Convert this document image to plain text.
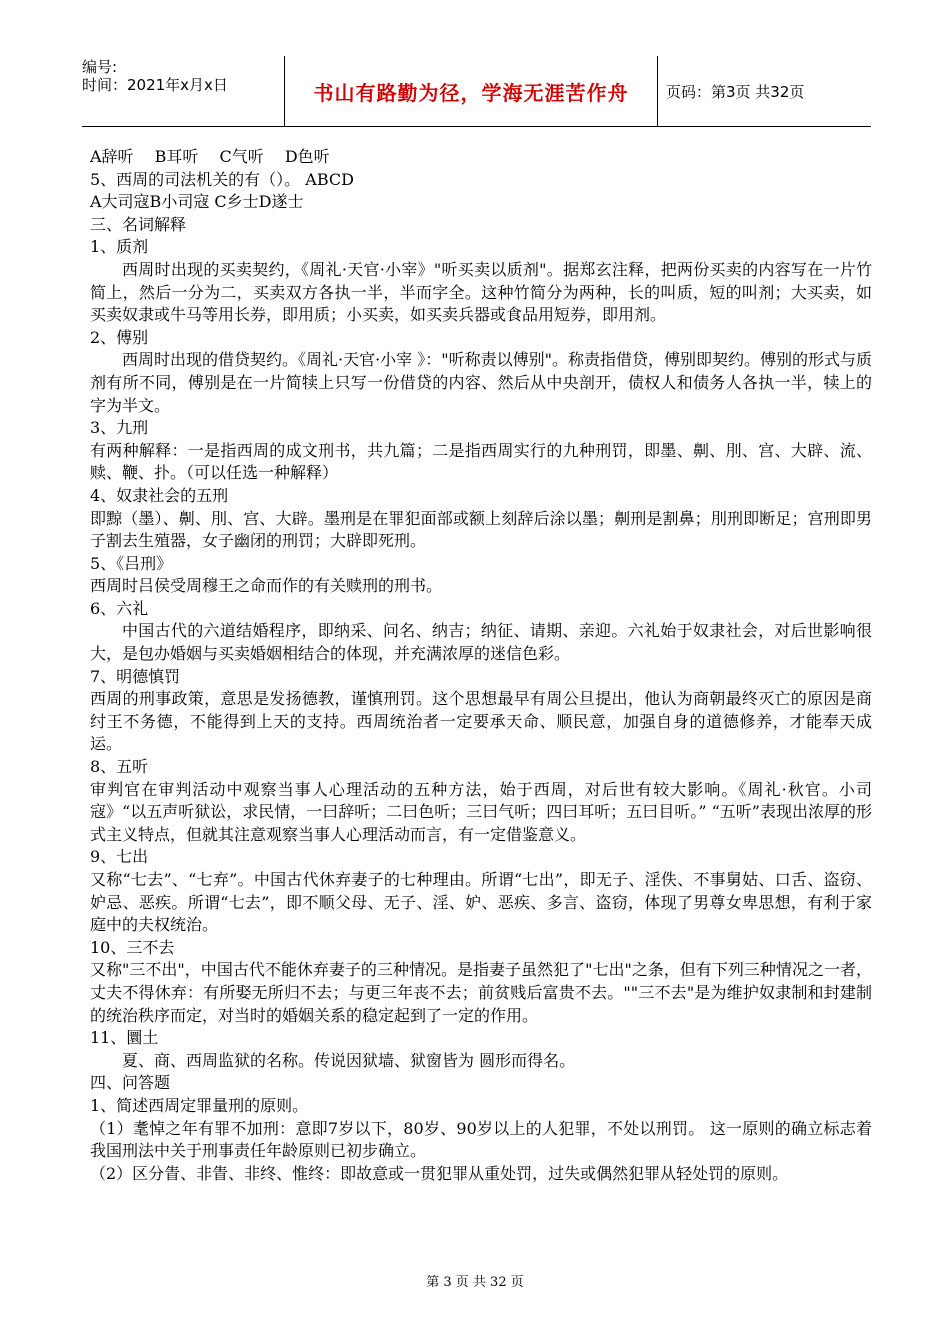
编号:
时间：2021年x月x日	书山有路勤为径，学海无涯苦作舟	页码：第3页 共32页

A辞听　 B耳听　 C气听　 D色听

5、西周的司法机关的有（）。 ABCD

A大司寇B小司寇 C乡士D遂士

三、名词解释

1、质剂

西周时出现的买卖契约，《周礼·天官·小宰》"听买卖以质剂"。据郑玄注释，把两份买卖的内容写在一片竹简上，然后一分为二，买卖双方各执一半，半而字全。这种竹简分为两种，长的叫质，短的叫剂；大买卖，如买卖奴隶或牛马等用长券，即用质；小买卖，如买卖兵器或食品用短券，即用剂。

2、傅别

西周时出现的借贷契约。《周礼·天官·小宰 》："听称责以傅别"。称责指借贷，傅别即契约。傅别的形式与质剂有所不同，傅别是在一片简犊上只写一份借贷的内容、然后从中央剖开，债权人和债务人各执一半，犊上的字为半文。

3、九刑

有两种解释：一是指西周的成文刑书，共九篇；二是指西周实行的九种刑罚，即墨、劓、刖、宫、大辟、流、赎、鞭、扑。（可以任选一种解释）

4、奴隶社会的五刑

即黥（墨）、劓、刖、宫、大辟。墨刑是在罪犯面部或额上刻辞后涂以墨；劓刑是割鼻；刖刑即断足；宫刑即男子割去生殖器，女子幽闭的刑罚；大辟即死刑。

5、《吕刑》

西周时吕侯受周穆王之命而作的有关赎刑的刑书。

6、六礼

中国古代的六道结婚程序，即纳采、问名、纳吉；纳征、请期、亲迎。六礼始于奴隶社会，对后世影响很大，是包办婚姻与买卖婚姻相结合的体现，并充满浓厚的迷信色彩。

7、明德慎罚

西周的刑事政策，意思是发扬德教，谨慎刑罚。这个思想最早有周公旦提出，他认为商朝最终灭亡的原因是商纣王不务德，不能得到上天的支持。西周统治者一定要承天命、顺民意，加强自身的道德修养，才能奉天成运。

8、五听

审判官在审判活动中观察当事人心理活动的五种方法，始于西周，对后世有较大影响。《周礼·秋官。小司寇》“以五声听狱讼，求民情，一曰辞听；二曰色听；三曰气听；四曰耳听；五曰目听。” “五听”表现出浓厚的形式主义特点，但就其注意观察当事人心理活动而言，有一定借鉴意义。

9、七出

又称“七去”、“七弃”。中国古代休弃妻子的七种理由。所谓“七出”，即无子、淫佚、不事舅姑、口舌、盗窃、妒忌、恶疾。所谓“七去”，即不顺父母、无子、淫、妒、恶疾、多言、盗窃，体现了男尊女卑思想，有利于家庭中的夫权统治。

10、三不去

又称"三不出"，中国古代不能休弃妻子的三种情况。是指妻子虽然犯了"七出"之条，但有下列三种情况之一者，丈夫不得休弃：有所娶无所归不去；与更三年丧不去；前贫贱后富贵不去。""三不去"是为维护奴隶制和封建制的统治秩序而定，对当时的婚姻关系的稳定起到了一定的作用。

11、圜土

夏、商、西周监狱的名称。传说因狱墙、狱窗皆为 圆形而得名。

四、问答题

1、简述西周定罪量刑的原则。

（1）耄悼之年有罪不加刑：意即7岁以下，80岁、90岁以上的人犯罪，不处以刑罚。 这一原则的确立标志着我国刑法中关于刑事责任年龄原则已初步确立。

（2）区分眚、非眚、非终、惟终：即故意或一贯犯罪从重处罚，过失或偶然犯罪从轻处罚的原则。

第 3 页 共 32 页
